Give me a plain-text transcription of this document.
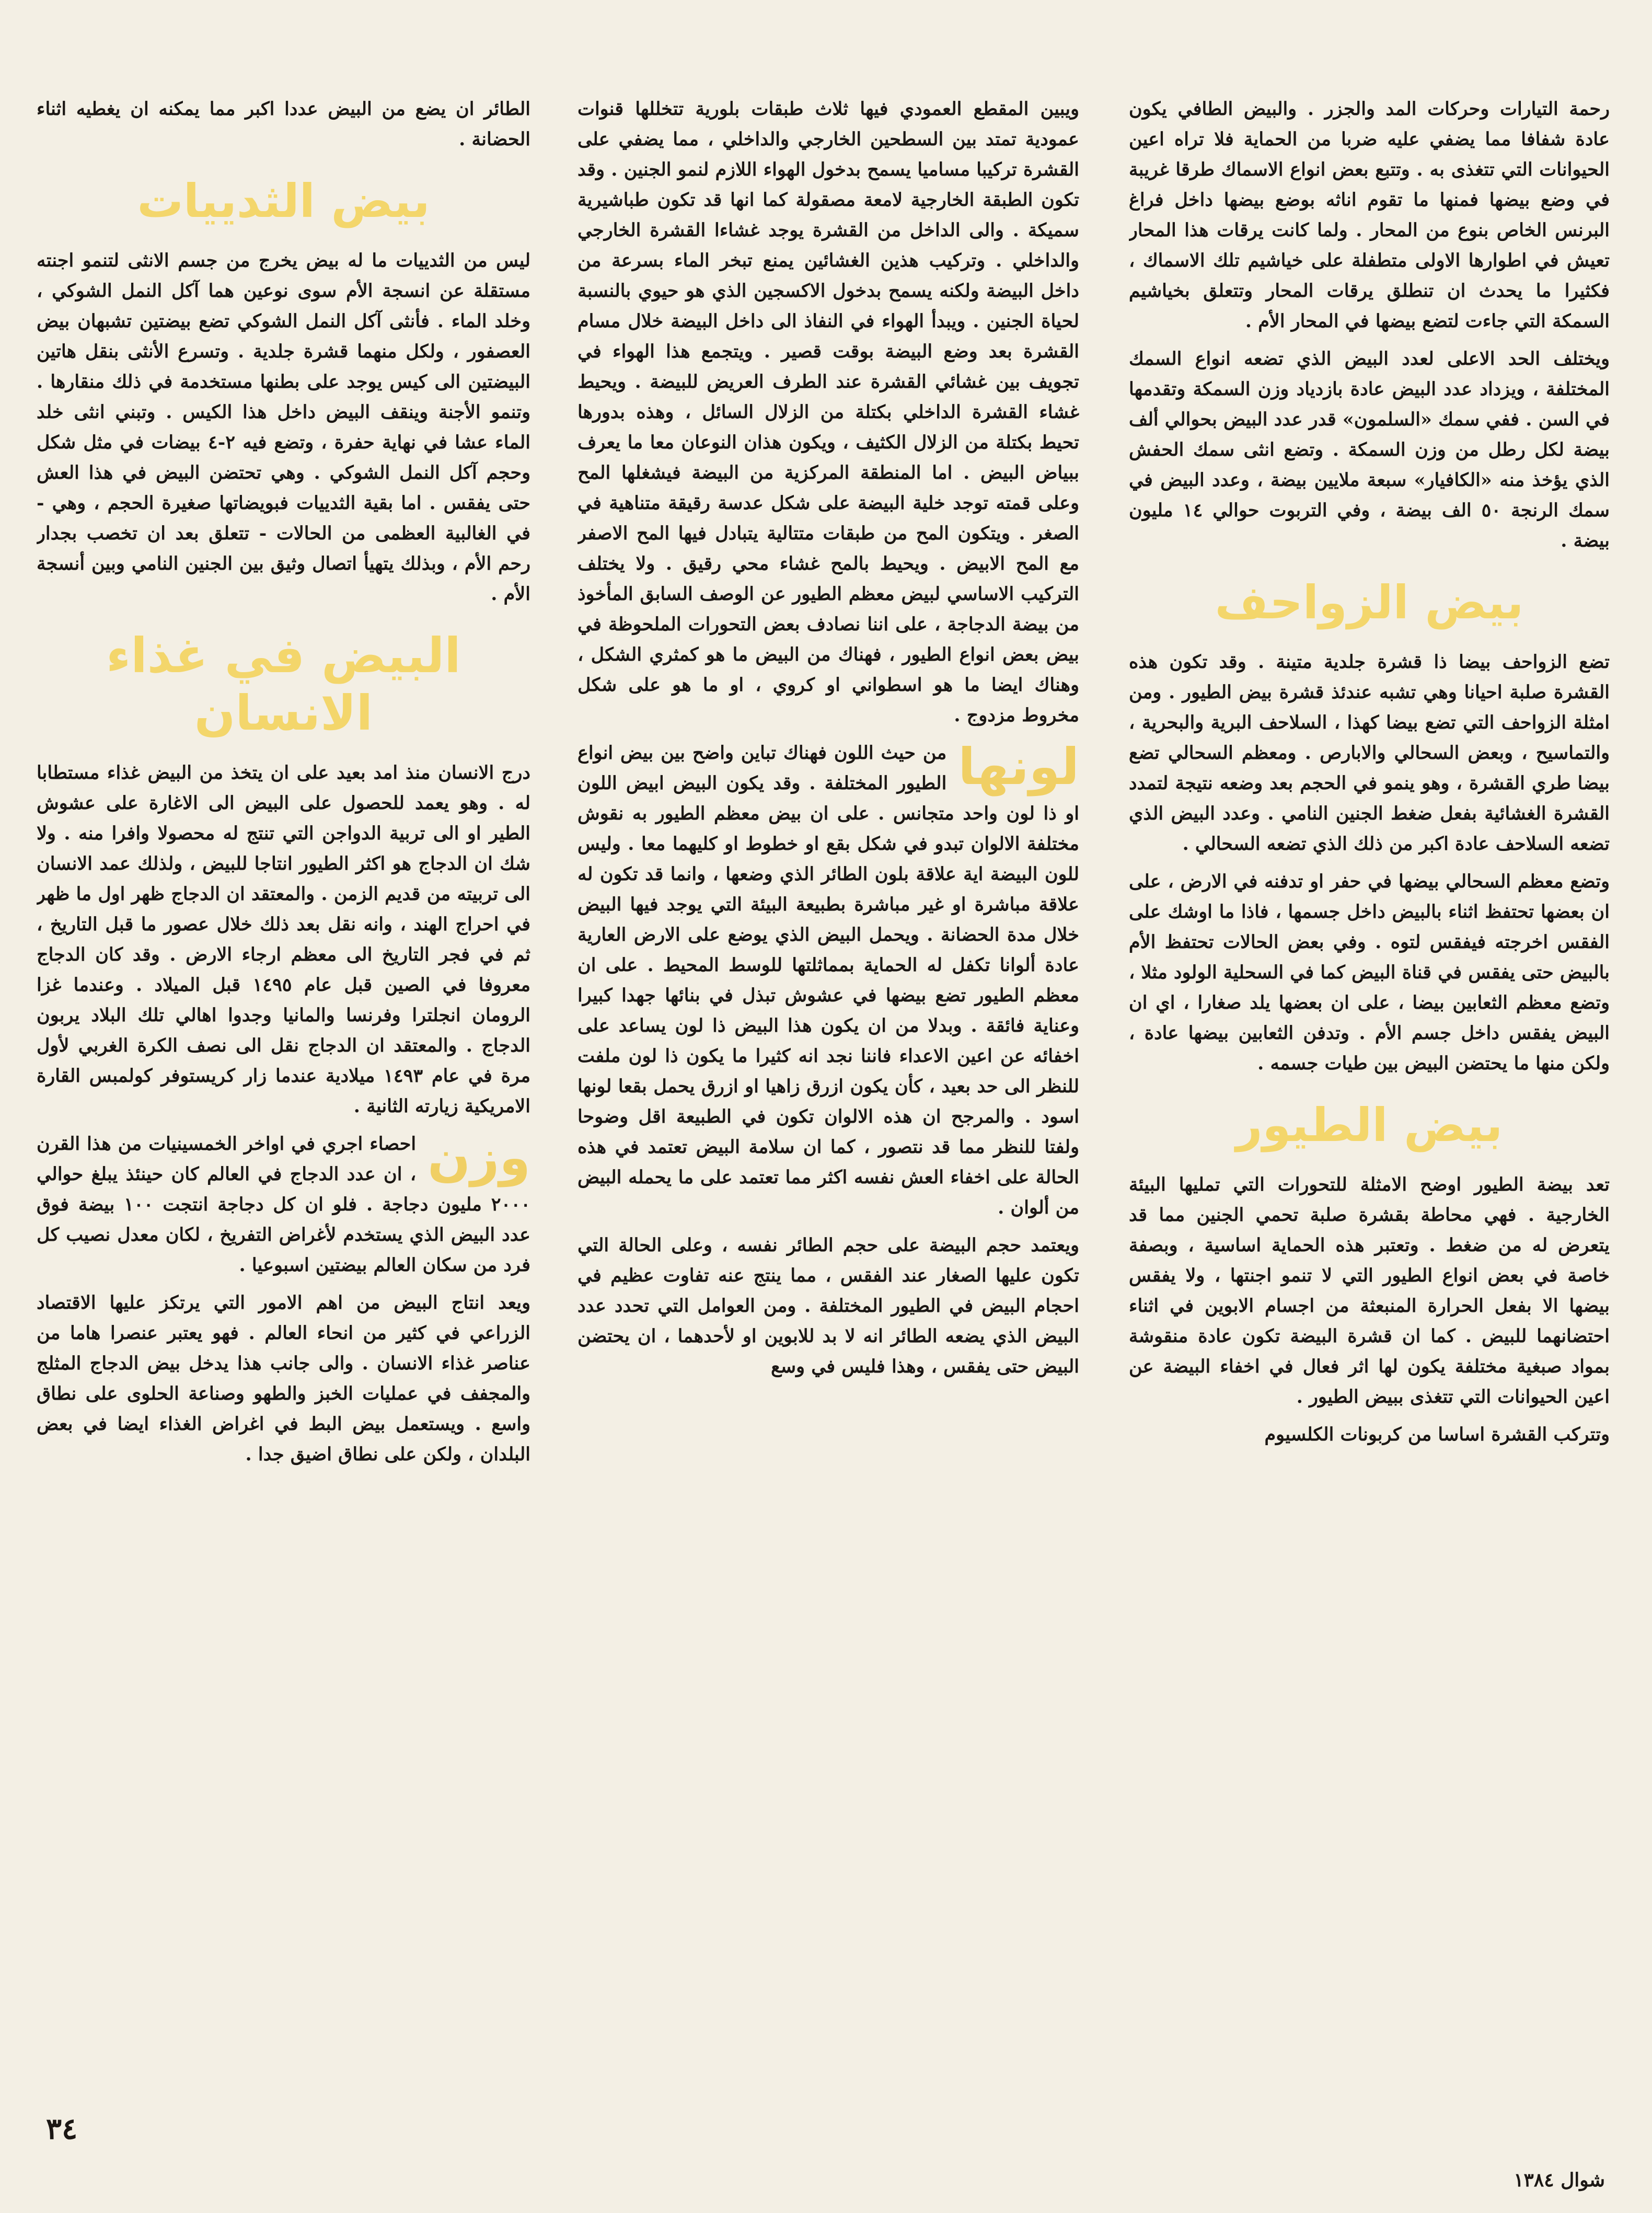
رحمة التيارات وحركات المد والجزر . والبيض الطافي يكون عادة شفافا مما يضفي عليه ضربا من الحماية فلا تراه اعين الحيوانات التي تتغذى به . وتتبع بعض انواع الاسماك طرقا غريبة في وضع بيضها فمنها ما تقوم اناثه بوضع بيضها داخل فراغ البرنس الخاص بنوع من المحار . ولما كانت يرقات هذا المحار تعيش في اطوارها الاولى متطفلة على خياشيم تلك الاسماك ، فكثيرا ما يحدث ان تنطلق يرقات المحار وتتعلق بخياشيم السمكة التي جاءت لتضع بيضها في المحار الأم .

ويختلف الحد الاعلى لعدد البيض الذي تضعه انواع السمك المختلفة ، ويزداد عدد البيض عادة بازدياد وزن السمكة وتقدمها في السن . ففي سمك «السلمون» قدر عدد البيض بحوالي ألف بيضة لكل رطل من وزن السمكة . وتضع انثى سمك الحفش الذي يؤخذ منه «الكافيار» سبعة ملايين بيضة ، وعدد البيض في سمك الرنجة ٥٠ الف بيضة ، وفي التربوت حوالي ١٤ مليون بيضة .

بيض الزواحف

تضع الزواحف بيضا ذا قشرة جلدية متينة . وقد تكون هذه القشرة صلبة احيانا وهي تشبه عندئذ قشرة بيض الطيور . ومن امثلة الزواحف التي تضع بيضا كهذا ، السلاحف البرية والبحرية ، والتماسيح ، وبعض السحالي والابارص . ومعظم السحالي تضع بيضا طري القشرة ، وهو ينمو في الحجم بعد وضعه نتيجة لتمدد القشرة الغشائية بفعل ضغط الجنين النامي . وعدد البيض الذي تضعه السلاحف عادة اكبر من ذلك الذي تضعه السحالي .

وتضع معظم السحالي بيضها في حفر او تدفنه في الارض ، على ان بعضها تحتفظ اثناء بالبيض داخل جسمها ، فاذا ما اوشك على الفقس اخرجته فيفقس لتوه . وفي بعض الحالات تحتفظ الأم بالبيض حتى يفقس في قناة البيض كما في السحلية الولود مثلا ، وتضع معظم الثعابين بيضا ، على ان بعضها يلد صغارا ، اي ان البيض يفقس داخل جسم الأم . وتدفن الثعابين بيضها عادة ، ولكن منها ما يحتضن البيض بين طيات جسمه .

بيض الطيور

تعد بيضة الطيور اوضح الامثلة للتحورات التي تمليها البيئة الخارجية . فهي محاطة بقشرة صلبة تحمي الجنين مما قد يتعرض له من ضغط . وتعتبر هذه الحماية اساسية ، وبصفة خاصة في بعض انواع الطيور التي لا تنمو اجنتها ، ولا يفقس بيضها الا بفعل الحرارة المنبعثة من اجسام الابوين في اثناء احتضانهما للبيض . كما ان قشرة البيضة تكون عادة منقوشة بمواد صبغية مختلفة يكون لها اثر فعال في اخفاء البيضة عن اعين الحيوانات التي تتغذى ببيض الطيور .

وتتركب القشرة اساسا من كربونات الكلسيوم

ويبين المقطع العمودي فيها ثلاث طبقات بلورية تتخللها قنوات عمودية تمتد بين السطحين الخارجي والداخلي ، مما يضفي على القشرة تركيبا مساميا يسمح بدخول الهواء اللازم لنمو الجنين . وقد تكون الطبقة الخارجية لامعة مصقولة كما انها قد تكون طباشيرية سميكة . والى الداخل من القشرة يوجد غشاءا القشرة الخارجي والداخلي . وتركيب هذين الغشائين يمنع تبخر الماء بسرعة من داخل البيضة ولكنه يسمح بدخول الاكسجين الذي هو حيوي بالنسبة لحياة الجنين . ويبدأ الهواء في النفاذ الى داخل البيضة خلال مسام القشرة بعد وضع البيضة بوقت قصير . ويتجمع هذا الهواء في تجويف بين غشائي القشرة عند الطرف العريض للبيضة . ويحيط غشاء القشرة الداخلي بكتلة من الزلال السائل ، وهذه بدورها تحيط بكتلة من الزلال الكثيف ، ويكون هذان النوعان معا ما يعرف ببياض البيض . اما المنطقة المركزية من البيضة فيشغلها المح وعلى قمته توجد خلية البيضة على شكل عدسة رقيقة متناهية في الصغر . ويتكون المح من طبقات متتالية يتبادل فيها المح الاصفر مع المح الابيض . ويحيط بالمح غشاء محي رقيق . ولا يختلف التركيب الاساسي لبيض معظم الطيور عن الوصف السابق المأخوذ من بيضة الدجاجة ، على اننا نصادف بعض التحورات الملحوظة في بيض بعض انواع الطيور ، فهناك من البيض ما هو كمثري الشكل ، وهناك ايضا ما هو اسطواني او كروي ، او ما هو على شكل مخروط مزدوج .

لونها
من حيث اللون فهناك تباين واضح بين بيض انواع الطيور المختلفة . وقد يكون البيض ابيض اللون او ذا لون واحد متجانس . على ان بيض معظم الطيور به نقوش مختلفة الالوان تبدو في شكل بقع او خطوط او كليهما معا . وليس للون البيضة اية علاقة بلون الطائر الذي وضعها ، وانما قد تكون له علاقة مباشرة او غير مباشرة بطبيعة البيئة التي يوجد فيها البيض خلال مدة الحضانة . ويحمل البيض الذي يوضع على الارض العارية عادة ألوانا تكفل له الحماية بمماثلتها للوسط المحيط . على ان معظم الطيور تضع بيضها في عشوش تبذل في بنائها جهدا كبيرا وعناية فائقة . وبدلا من ان يكون هذا البيض ذا لون يساعد على اخفائه عن اعين الاعداء فاننا نجد انه كثيرا ما يكون ذا لون ملفت للنظر الى حد بعيد ، كأن يكون ازرق زاهيا او ازرق يحمل بقعا لونها اسود . والمرجح ان هذه الالوان تكون في الطبيعة اقل وضوحا ولفتا للنظر مما قد نتصور ، كما ان سلامة البيض تعتمد في هذه الحالة على اخفاء العش نفسه اكثر مما تعتمد على ما يحمله البيض من ألوان .

ويعتمد حجم البيضة على حجم الطائر نفسه ، وعلى الحالة التي تكون عليها الصغار عند الفقس ، مما ينتج عنه تفاوت عظيم في احجام البيض في الطيور المختلفة . ومن العوامل التي تحدد عدد البيض الذي يضعه الطائر انه لا بد للابوين او لأحدهما ، ان يحتضن البيض حتى يفقس ، وهذا فليس في وسع

الطائر ان يضع من البيض عددا اكبر مما يمكنه ان يغطيه اثناء الحضانة .

بيض الثدييات

ليس من الثدييات ما له بيض يخرج من جسم الانثى لتنمو اجنته مستقلة عن انسجة الأم سوى نوعين هما آكل النمل الشوكي ، وخلد الماء . فأنثى آكل النمل الشوكي تضع بيضتين تشبهان بيض العصفور ، ولكل منهما قشرة جلدية . وتسرع الأنثى بنقل هاتين البيضتين الى كيس يوجد على بطنها مستخدمة في ذلك منقارها . وتنمو الأجنة وينقف البيض داخل هذا الكيس . وتبني انثى خلد الماء عشا في نهاية حفرة ، وتضع فيه ٢-٤ بيضات في مثل شكل وحجم آكل النمل الشوكي . وهي تحتضن البيض في هذا العش حتى يفقس . اما بقية الثدييات فبويضاتها صغيرة الحجم ، وهي - في الغالبية العظمى من الحالات - تتعلق بعد ان تخصب بجدار رحم الأم ، وبذلك يتهيأ اتصال وثيق بين الجنين النامي وبين أنسجة الأم .

البيض في غذاء الانسان

درج الانسان منذ امد بعيد على ان يتخذ من البيض غذاء مستطابا له . وهو يعمد للحصول على البيض الى الاغارة على عشوش الطير او الى تربية الدواجن التي تنتج له محصولا وافرا منه . ولا شك ان الدجاج هو اكثر الطيور انتاجا للبيض ، ولذلك عمد الانسان الى تربيته من قديم الزمن . والمعتقد ان الدجاج ظهر اول ما ظهر في احراج الهند ، وانه نقل بعد ذلك خلال عصور ما قبل التاريخ ، ثم في فجر التاريخ الى معظم ارجاء الارض . وقد كان الدجاج معروفا في الصين قبل عام ١٤٩٥ قبل الميلاد . وعندما غزا الرومان انجلترا وفرنسا والمانيا وجدوا اهالي تلك البلاد يربون الدجاج . والمعتقد ان الدجاج نقل الى نصف الكرة الغربي لأول مرة في عام ١٤٩٣ ميلادية عندما زار كريستوفر كولمبس القارة الامريكية زيارته الثانية .

وزن
احصاء اجري في اواخر الخمسينيات من هذا القرن ، ان عدد الدجاج في العالم كان حينئذ يبلغ حوالي ٢٠٠٠ مليون دجاجة . فلو ان كل دجاجة انتجت ١٠٠ بيضة فوق عدد البيض الذي يستخدم لأغراض التفريخ ، لكان معدل نصيب كل فرد من سكان العالم بيضتين اسبوعيا .

ويعد انتاج البيض من اهم الامور التي يرتكز عليها الاقتصاد الزراعي في كثير من انحاء العالم . فهو يعتبر عنصرا هاما من عناصر غذاء الانسان . والى جانب هذا يدخل بيض الدجاج المثلج والمجفف في عمليات الخبز والطهو وصناعة الحلوى على نطاق واسع . ويستعمل بيض البط في اغراض الغذاء ايضا في بعض البلدان ، ولكن على نطاق اضيق جدا .

٣٤
شوال ١٣٨٤
